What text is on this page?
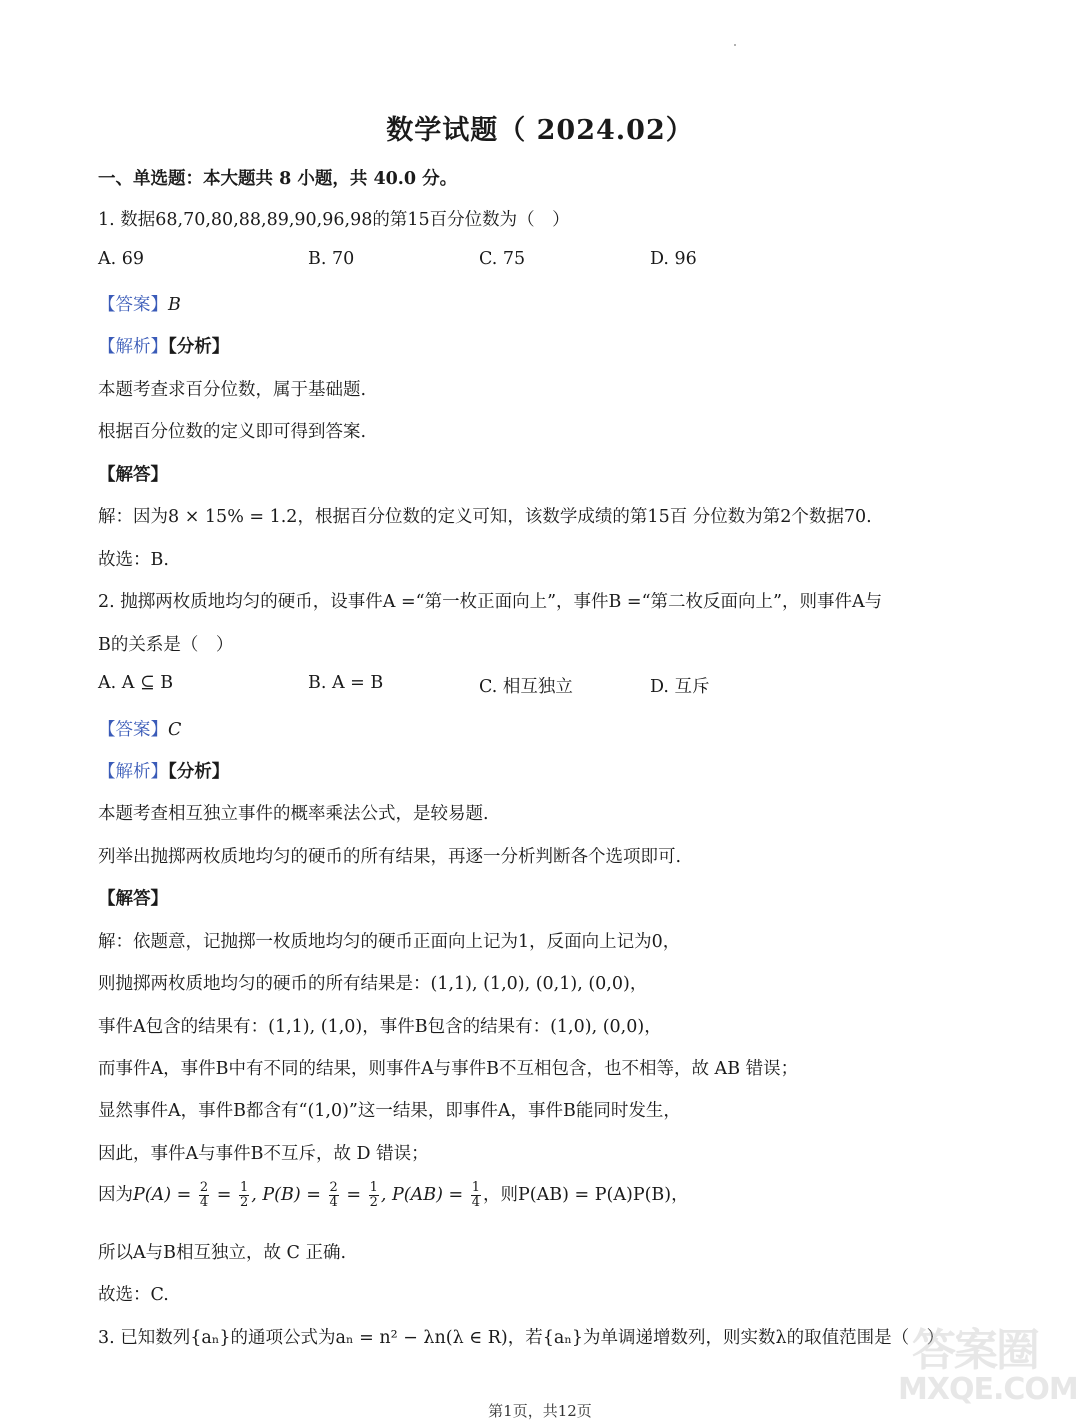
数学试题（ 2024.02）
一、单选题：本大题共 8 小题，共 40.0 分。
1. 数据68,70,80,88,89,90,96,98的第15百分位数为（　）
A. 69	B. 70	C. 75	D. 96
【答案】B
【解析】【分析】
本题考查求百分位数，属于基础题.
根据百分位数的定义即可得到答案.
【解答】
解：因为8 × 15% = 1.2，根据百分位数的定义可知，该数学成绩的第15百 分位数为第2个数据70.
故选：B.
2. 抛掷两枚质地均匀的硬币，设事件A =“第一枚正面向上”，事件B =“第二枚反面向上”，则事件A与
B的关系是（　）
A. A ⊆ B	B. A = B	C. 相互独立	D. 互斥
【答案】C
【解析】【分析】
本题考查相互独立事件的概率乘法公式，是较易题.
列举出抛掷两枚质地均匀的硬币的所有结果，再逐一分析判断各个选项即可.
【解答】
解：依题意，记抛掷一枚质地均匀的硬币正面向上记为1，反面向上记为0，
则抛掷两枚质地均匀的硬币的所有结果是：(1,1), (1,0), (0,1), (0,0)，
事件A包含的结果有：(1,1), (1,0)，事件B包含的结果有：(1,0), (0,0)，
而事件A，事件B中有不同的结果，则事件A与事件B不互相包含，也不相等，故 AB 错误；
显然事件A，事件B都含有“(1,0)”这一结果，即事件A，事件B能同时发生，
因此，事件A与事件B不互斥，故 D 错误；
因为$P(A) = \frac{2}{4} = \frac{1}{2}$ , $P(B) = \frac{2}{4} = \frac{1}{2}$ , $P(AB) = \frac{1}{4}$ ，则P(AB) = P(A)P(B)，
所以A与B相互独立，故 C 正确.
故选：C.
3. 已知数列{aₙ}的通项公式为aₙ = n² − λn(λ ∈ R)，若{aₙ}为单调递增数列，则实数λ的取值范围是（　）
答案圈
MXQE.COM
第1页，共12页
